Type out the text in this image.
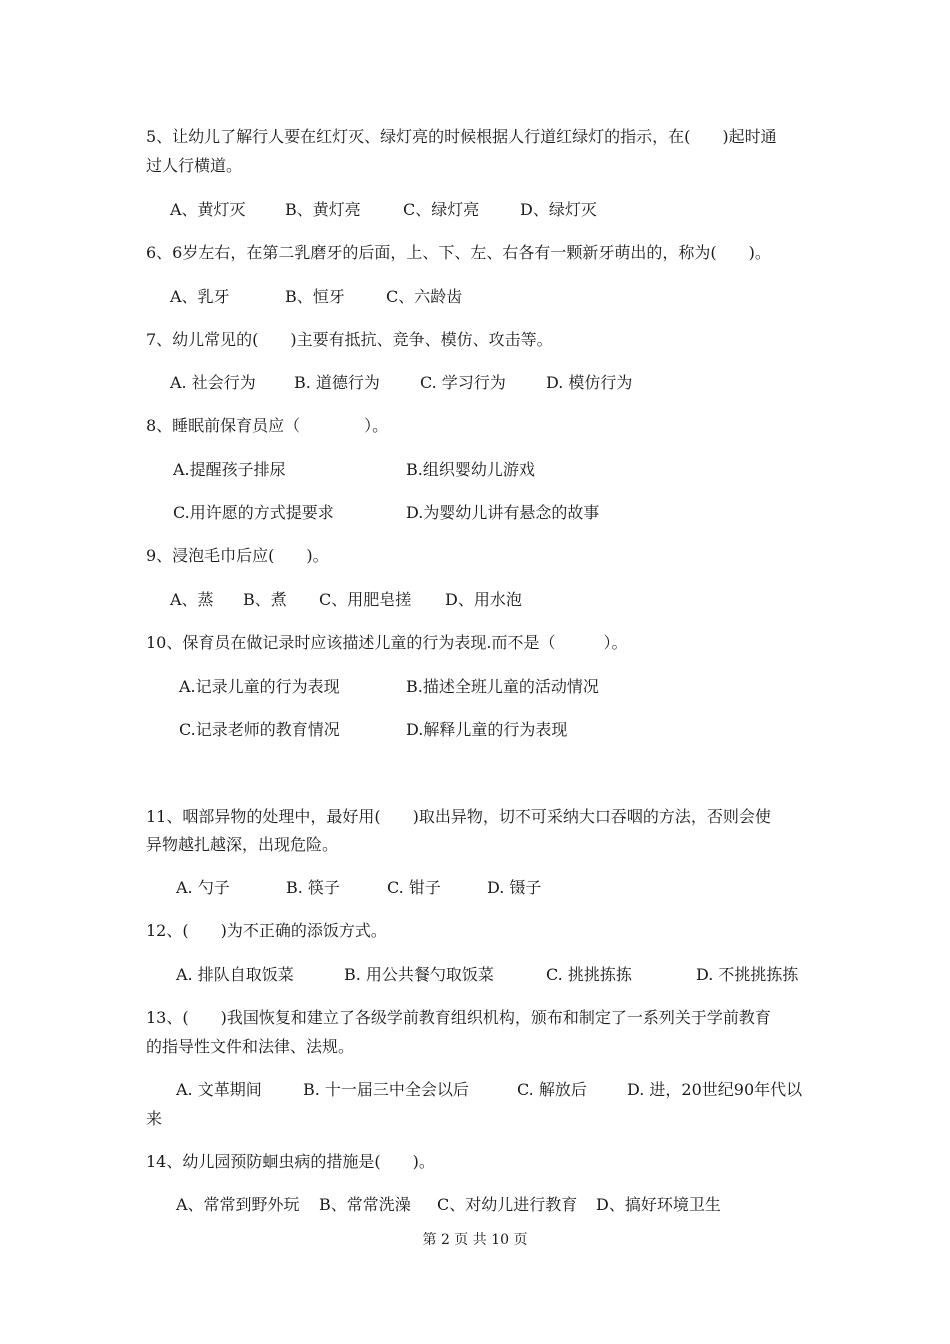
5、让幼儿了解行人要在红灯灭、绿灯亮的时候根据人行道红绿灯的指示，在(　　)起时通
过人行横道。
A、黄灯灭 B、黄灯亮	C、绿灯亮	D、绿灯灭
6、6岁左右，在第二乳磨牙的后面，上、下、左、右各有一颗新牙萌出的，称为(　　)。
A、乳牙	B、恒牙	C、六龄齿
7、幼儿常见的(　　)主要有抵抗、竞争、模仿、攻击等。
A. 社会行为 B. 道德行为	C. 学习行为	D. 模仿行为
8、睡眠前保育员应（　　　　）。
A.提醒孩子排尿	B.组织婴幼儿游戏
C.用许愿的方式提要求	D.为婴幼儿讲有悬念的故事
9、浸泡毛巾后应(　　)。
A、蒸 B、煮 C、用肥皂搓 D、用水泡
10、保育员在做记录时应该描述儿童的行为表现.而不是（　　　）。
A.记录儿童的行为表现	B.描述全班儿童的活动情况
C.记录老师的教育情况	D.解释儿童的行为表现
11、咽部异物的处理中，最好用(　　)取出异物，切不可采纳大口吞咽的方法，否则会使
异物越扎越深，出现危险。
A. 勺子	B. 筷子	C. 钳子	D. 镊子
12、(　　)为不正确的添饭方式。
A. 排队自取饭菜	B. 用公共餐勺取饭菜	C. 挑挑拣拣	D. 不挑挑拣拣
13、(　　)我国恢复和建立了各级学前教育组织机构，颁布和制定了一系列关于学前教育
的指导性文件和法律、法规。
A. 文革期间	B. 十一届三中全会以后	C. 解放后	D. 进，20世纪90年代以
来
14、幼儿园预防蛔虫病的措施是(　　)。
A、常常到野外玩 B、常常洗澡 C、对幼儿进行教育 D、搞好环境卫生
第 2 页 共 10 页
